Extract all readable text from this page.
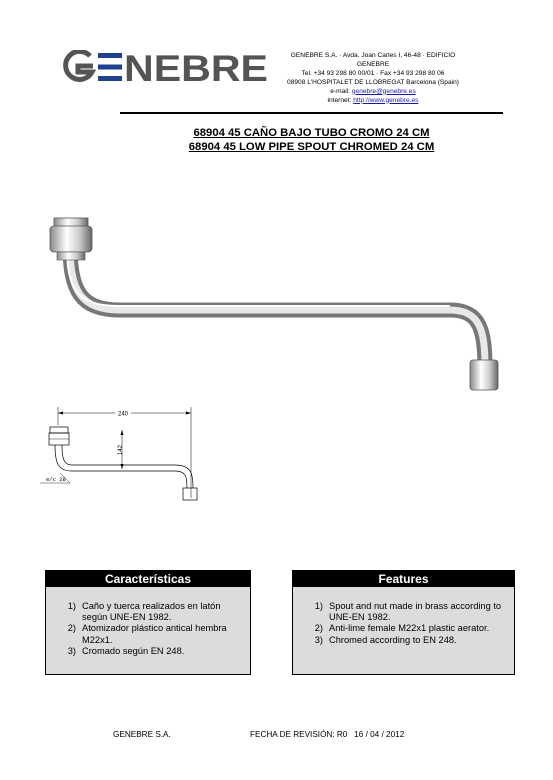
NEBRE	GENEBRE S.A. · Avda. Joan Carles I, 46-48 · EDIFICIO
GENEBRE
Tel. +34 93 298 80 00/01 · Fax +34 93 298 80 06
08908 L'HOSPITALET DE LLOBREGAT Barcelona (Spain)
e-mail: genebre@genebre.es
internet: http://www.genebre.es
68904 45 CAÑO BAJO TUBO CROMO 24 CM
68904 45 LOW PIPE SPOUT CHROMED 24 CM
240
142
e/c 28
Características
1) Caño y tuerca realizados en latón según UNE-EN 1982.
2) Atomizador plástico antical hembra M22x1.
3) Cromado según EN 248.
Features
1) Spout and nut made in brass according to UNE-EN 1982.
2) Anti-lime female M22x1 plastic aerator.
3) Chromed according to EN 248.
GENEBRE S.A.	FECHA DE REVISIÓN: R0   16 / 04 / 2012
